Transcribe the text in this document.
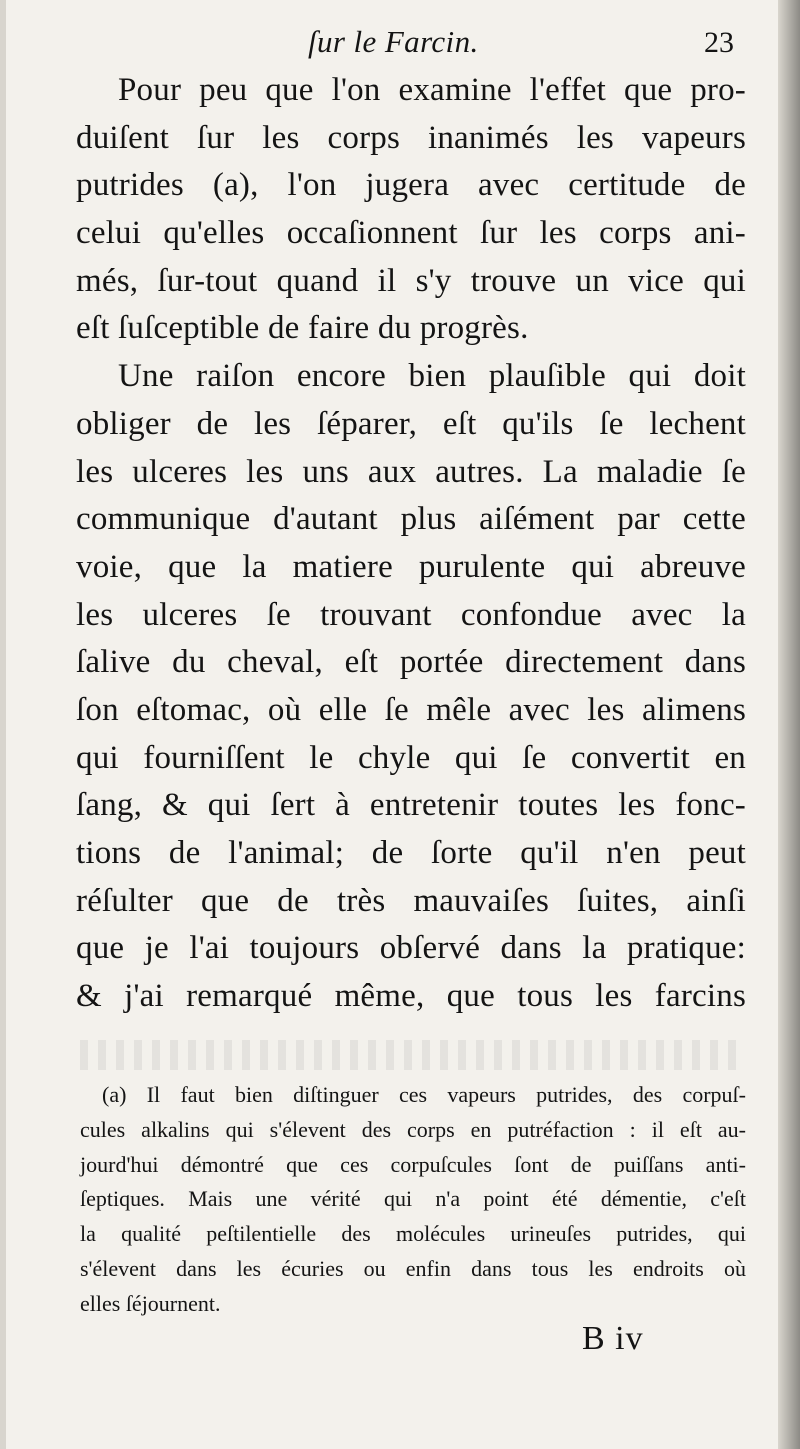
ſur le Farcin.	23
Pour peu que l'on examine l'effet que pro-
duiſent ſur les corps inanimés les vapeurs
putrides (a), l'on jugera avec certitude de
celui qu'elles occaſionnent ſur les corps ani-
més, ſur-tout quand il s'y trouve un vice qui
eſt ſuſceptible de faire du progrès.
Une raiſon encore bien plauſible qui doit
obliger de les ſéparer, eſt qu'ils ſe lechent
les ulceres les uns aux autres. La maladie ſe
communique d'autant plus aiſément par cette
voie, que la matiere purulente qui abreuve
les ulceres ſe trouvant confondue avec la
ſalive du cheval, eſt portée directement dans
ſon eſtomac, où elle ſe mêle avec les alimens
qui fourniſſent le chyle qui ſe convertit en
ſang, & qui ſert à entretenir toutes les fonc-
tions de l'animal; de ſorte qu'il n'en peut
réſulter que de très mauvaiſes ſuites, ainſi
que je l'ai toujours obſervé dans la pratique:
& j'ai remarqué même, que tous les farcins
(a) Il faut bien diſtinguer ces vapeurs putrides, des corpuſ-
cules alkalins qui s'élevent des corps en putréfaction : il eſt au-
jourd'hui démontré que ces corpuſcules ſont de puiſſans anti-
ſeptiques. Mais une vérité qui n'a point été démentie, c'eſt
la qualité peſtilentielle des molécules urineuſes putrides, qui
s'élevent dans les écuries ou enfin dans tous les endroits où
elles ſéjournent.
B iv
